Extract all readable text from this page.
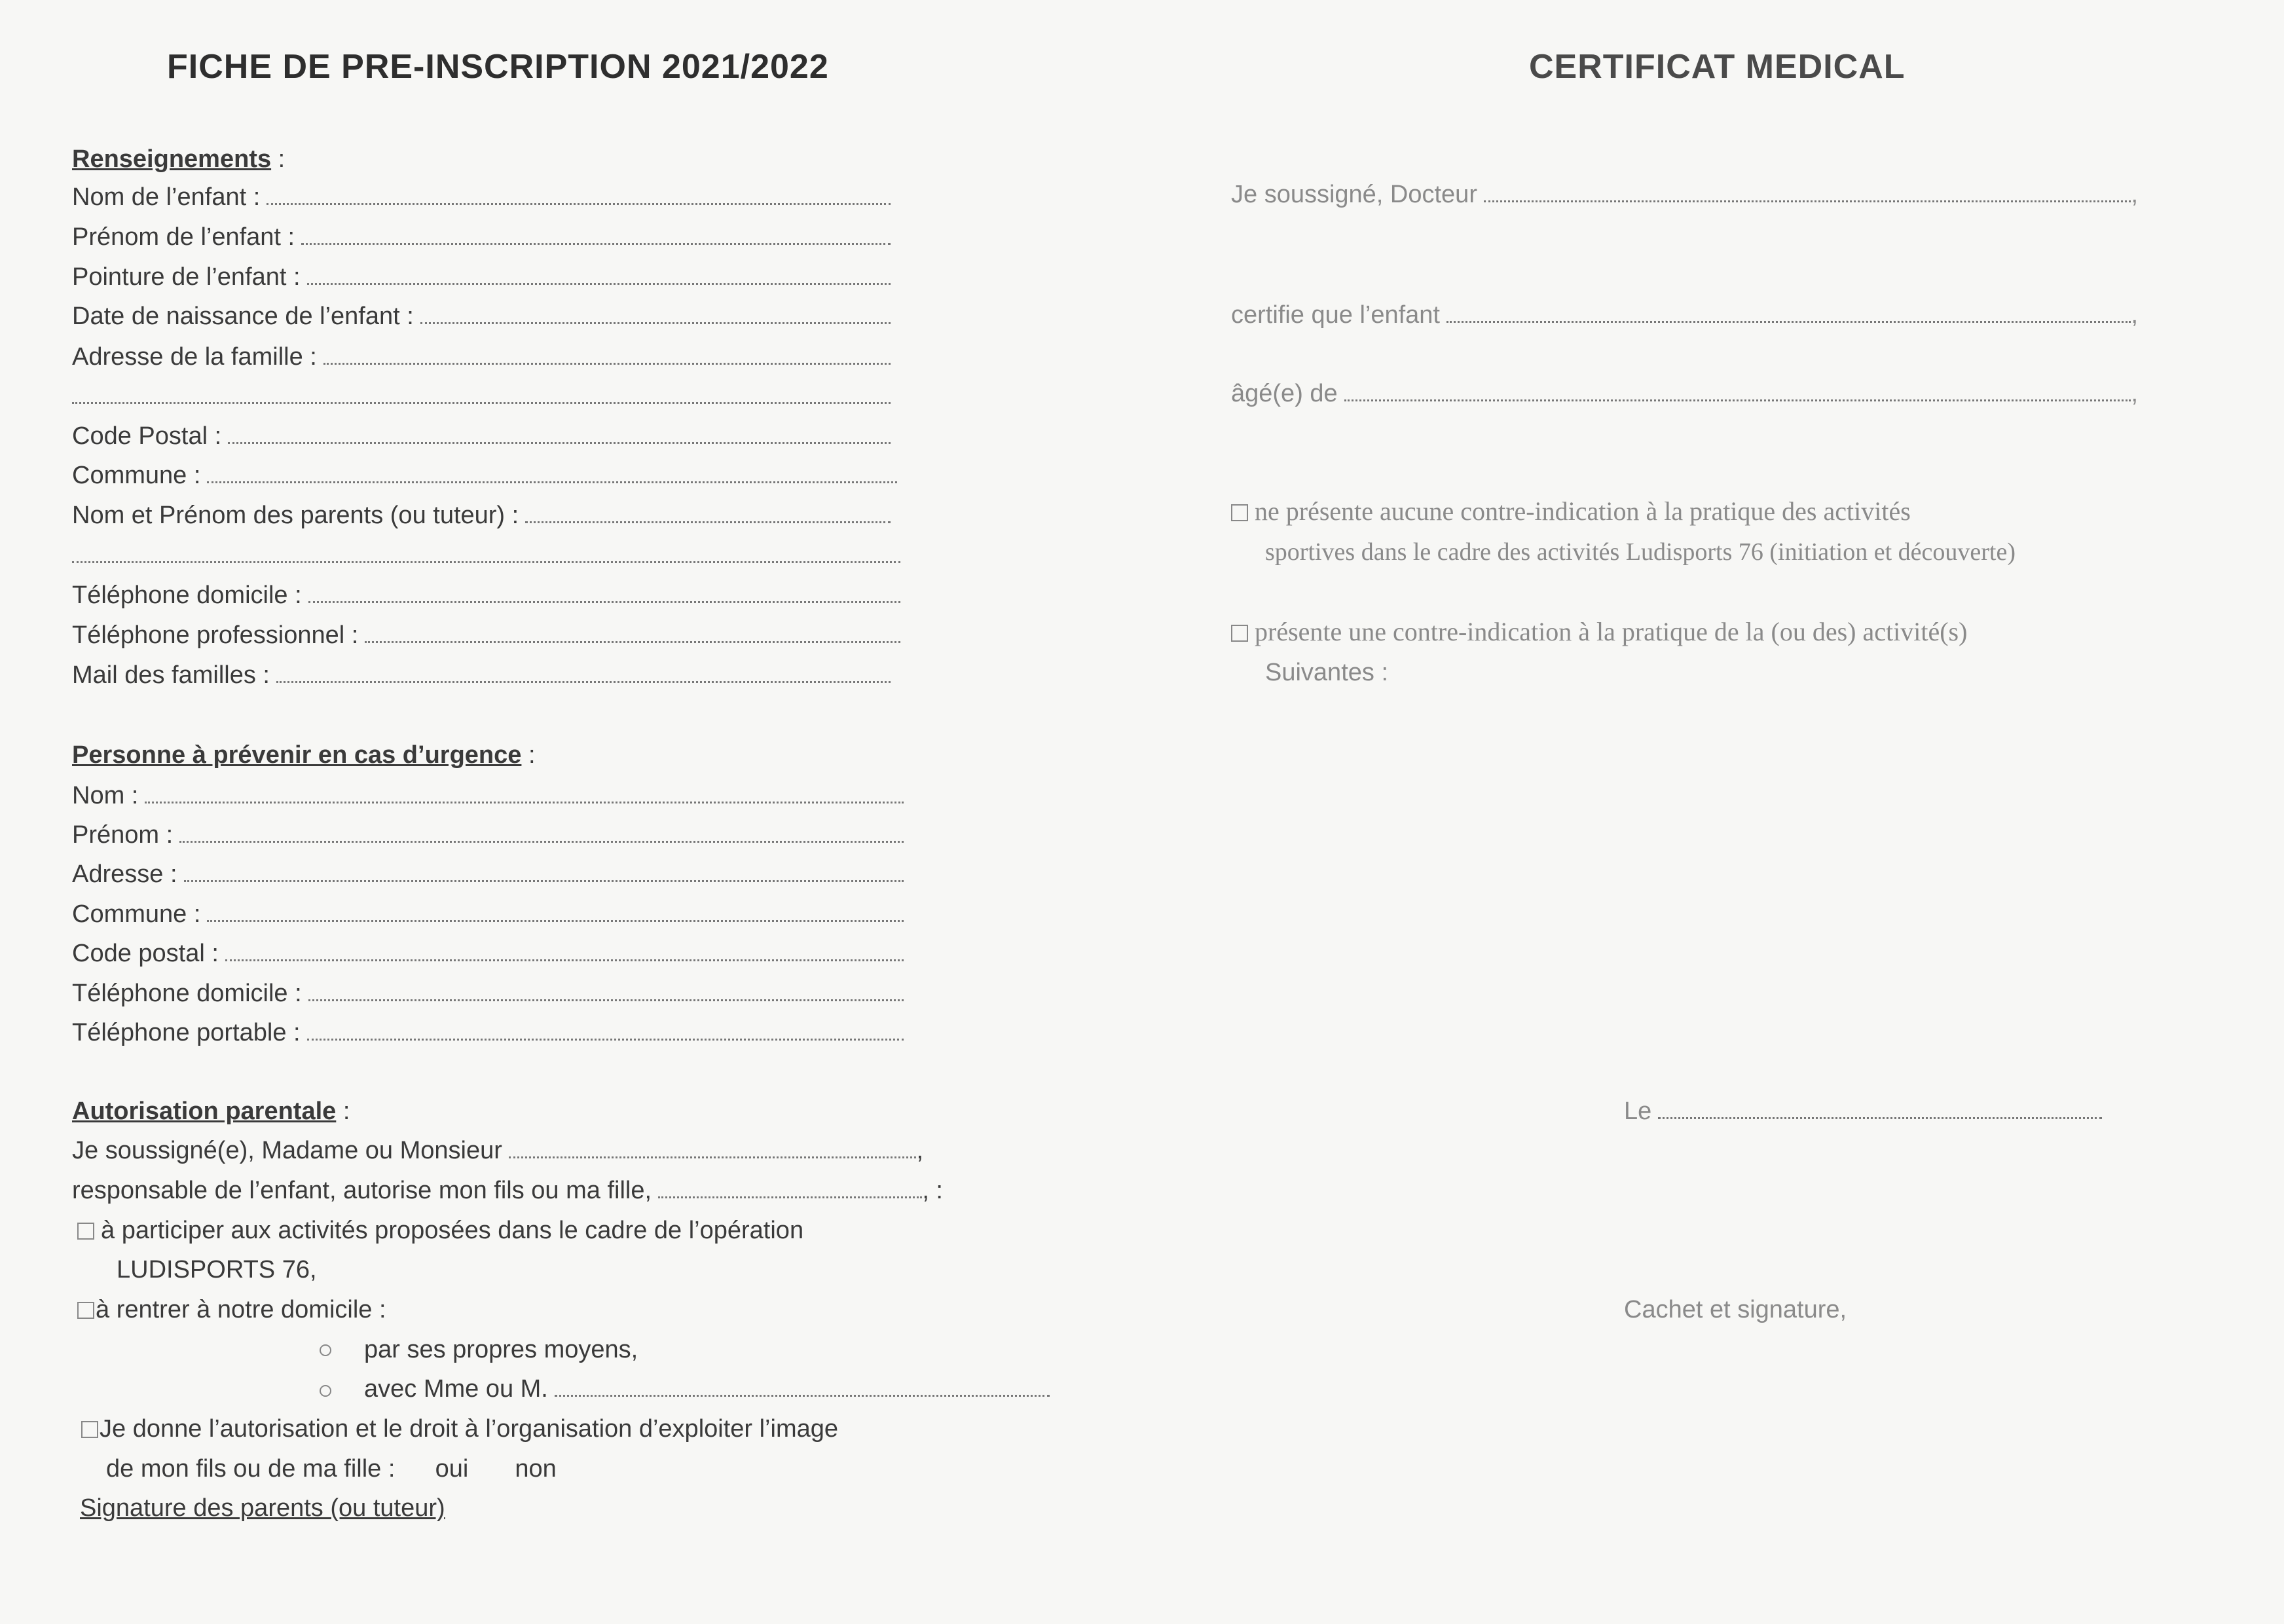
FICHE DE PRE-INSCRIPTION 2021/2022
Renseignements :
Nom de l’enfant :
Prénom de l’enfant :
Pointure de l’enfant :
Date de naissance de l’enfant :
Adresse de la famille :
Code Postal :
Commune :
Nom et Prénom des parents (ou tuteur) :
Téléphone domicile :
Téléphone professionnel :
Mail des familles :
Personne à prévenir en cas d’urgence :
Nom :
Prénom :
Adresse :
Commune :
Code postal :
Téléphone domicile :
Téléphone portable :
Autorisation parentale :
Je soussigné(e), Madame ou Monsieur	,
responsable de l’enfant, autorise mon fils ou ma fille,	, :
à participer aux activités proposées dans le cadre de l’opération
LUDISPORTS 76,
à rentrer à notre domicile :
par ses propres moyens,
avec Mme ou M.
Je donne l’autorisation et le droit à l’organisation d’exploiter l’image
de mon fils ou de ma fille : oui non
Signature des parents (ou tuteur)
CERTIFICAT MEDICAL
Je soussigné, Docteur	,
certifie que l’enfant	,
âgé(e) de	,
ne présente aucune contre-indication à la pratique des activités
sportives dans le cadre des activités Ludisports 76 (initiation et découverte)
présente une contre-indication à la pratique de la (ou des) activité(s)
Suivantes :
Le
Cachet et signature,
